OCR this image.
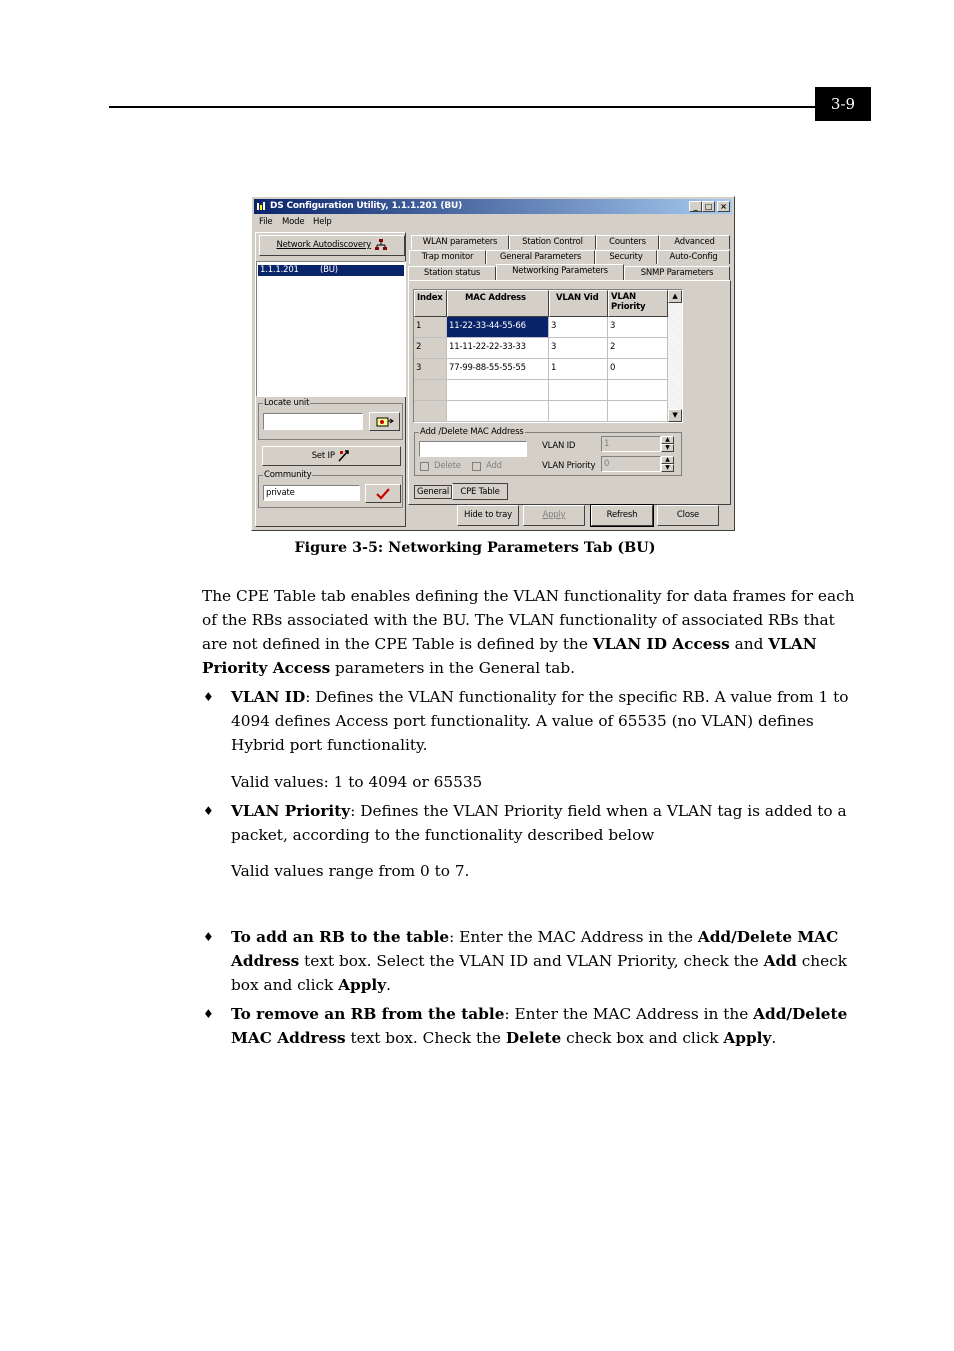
3-9
DS Configuration Utility, 1.1.1.201 (BU)	_ □	×
File Mode Help
Network Autodiscovery
1.1.1.201 (BU)
Locate unit
Set IP
Community
private
WLAN parameters	Station Control	Counters	Advanced
Trap monitor	General Parameters	Security	Auto-Config
Station status	Networking Parameters	SNMP Parameters
Index	MAC Address	VLAN Vid	VLAN
Priority
1	11-22-33-44-55-66	3	3
2	11-11-22-22-33-33	3	2
3	77-99-88-55-55-55	1	0
▲
▼
Add /Delete MAC Address
Delete	Add
VLAN ID	1	▲
▼
VLAN Priority	0	▲
▼
General	CPE Table
Hide to tray	Apply	Refresh	Close
Figure 3-5: Networking Parameters Tab (BU)
The CPE Table tab enables defining the VLAN functionality for data frames for each of the RBs associated with the BU. The VLAN functionality of associated RBs that are not defined in the CPE Table is defined by the VLAN ID Access and VLAN Priority Access parameters in the General tab.
♦ VLAN ID: Defines the VLAN functionality for the specific RB. A value from 1 to 4094 defines Access port functionality. A value of 65535 (no VLAN) defines Hybrid port functionality.
Valid values: 1 to 4094 or 65535
♦ VLAN Priority: Defines the VLAN Priority field when a VLAN tag is added to a packet, according to the functionality described below
Valid values range from 0 to 7.
♦ To add an RB to the table: Enter the MAC Address in the Add/Delete MAC Address text box. Select the VLAN ID and VLAN Priority, check the Add check box and click Apply.
♦ To remove an RB from the table: Enter the MAC Address in the Add/Delete MAC Address text box. Check the Delete check box and click Apply.
